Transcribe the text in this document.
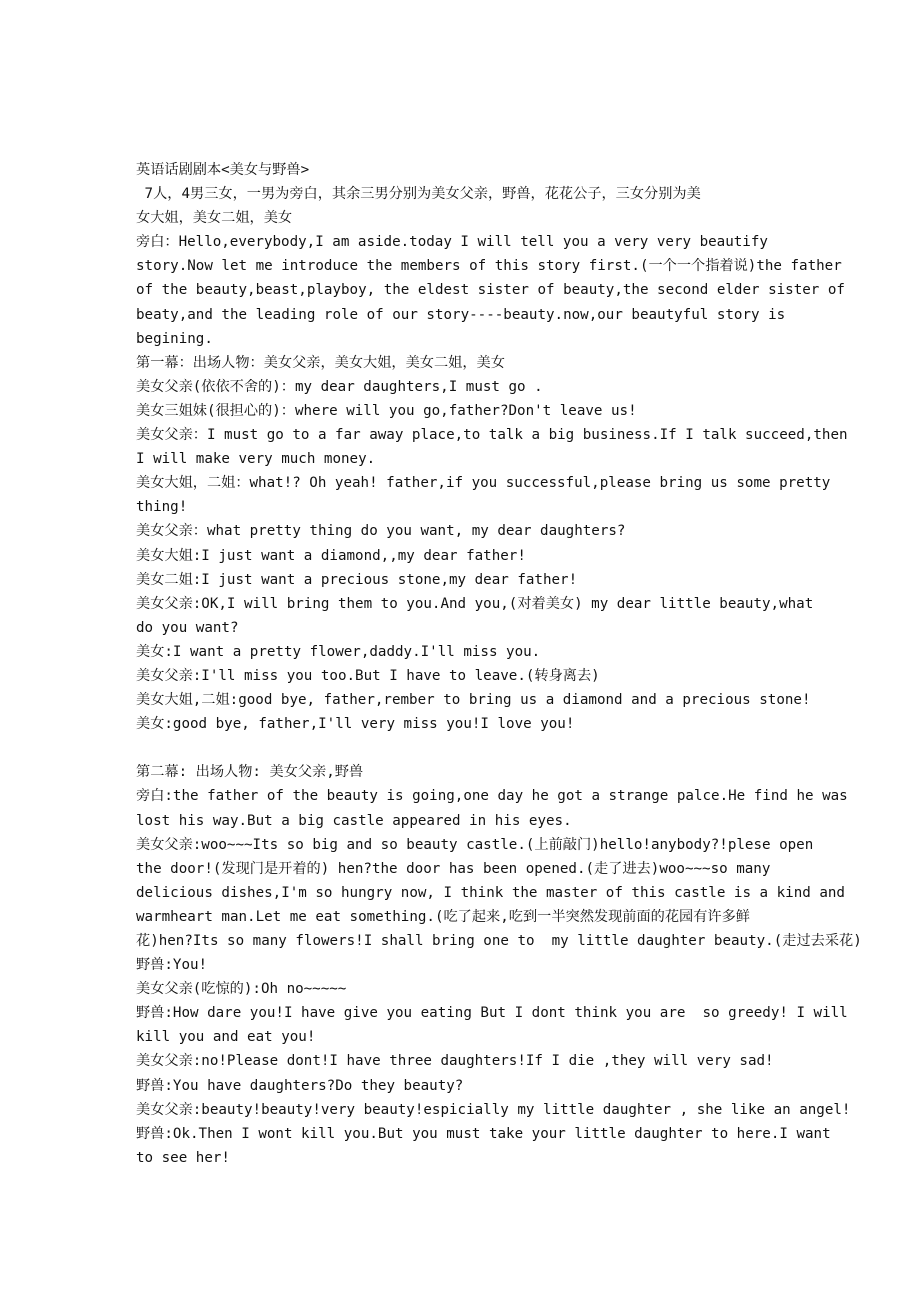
英语话剧剧本<美女与野兽>
7人，4男三女，一男为旁白，其余三男分别为美女父亲，野兽，花花公子，三女分别为美
女大姐，美女二姐，美女
旁白：Hello,everybody,I am aside.today I will tell you a very very beautify
story.Now let me introduce the members of this story first.(一个一个指着说)the father
of the beauty,beast,playboy, the eldest sister of beauty,the second elder sister of
beaty,and the leading role of our story----beauty.now,our beautyful story is
begining.
第一幕：出场人物：美女父亲，美女大姐，美女二姐，美女
美女父亲(依依不舍的)：my dear daughters,I must go .
美女三姐妹(很担心的)：where will you go,father?Don't leave us!
美女父亲：I must go to a far away place,to talk a big business.If I talk succeed,then
I will make very much money.
美女大姐，二姐：what!? Oh yeah! father,if you successful,please bring us some pretty
thing!
美女父亲：what pretty thing do you want, my dear daughters?
美女大姐:I just want a diamond,,my dear father!
美女二姐:I just want a precious stone,my dear father!
美女父亲:OK,I will bring them to you.And you,(对着美女) my dear little beauty,what
do you want?
美女:I want a pretty flower,daddy.I'll miss you.
美女父亲:I'll miss you too.But I have to leave.(转身离去)
美女大姐,二姐:good bye, father,rember to bring us a diamond and a precious stone!
美女:good bye, father,I'll very miss you!I love you!
第二幕: 出场人物: 美女父亲,野兽
旁白:the father of the beauty is going,one day he got a strange palce.He find he was
lost his way.But a big castle appeared in his eyes.
美女父亲:woo~~~Its so big and so beauty castle.(上前敲门)hello!anybody?!plese open
the door!(发现门是开着的) hen?the door has been opened.(走了进去)woo~~~so many
delicious dishes,I'm so hungry now, I think the master of this castle is a kind and
warmheart man.Let me eat something.(吃了起来,吃到一半突然发现前面的花园有许多鲜
花)hen?Its so many flowers!I shall bring one to  my little daughter beauty.(走过去采花)
野兽:You!
美女父亲(吃惊的):Oh no~~~~~
野兽:How dare you!I have give you eating But I dont think you are  so greedy! I will
kill you and eat you!
美女父亲:no!Please dont!I have three daughters!If I die ,they will very sad!
野兽:You have daughters?Do they beauty?
美女父亲:beauty!beauty!very beauty!espicially my little daughter , she like an angel!
野兽:Ok.Then I wont kill you.But you must take your little daughter to here.I want
to see her!
